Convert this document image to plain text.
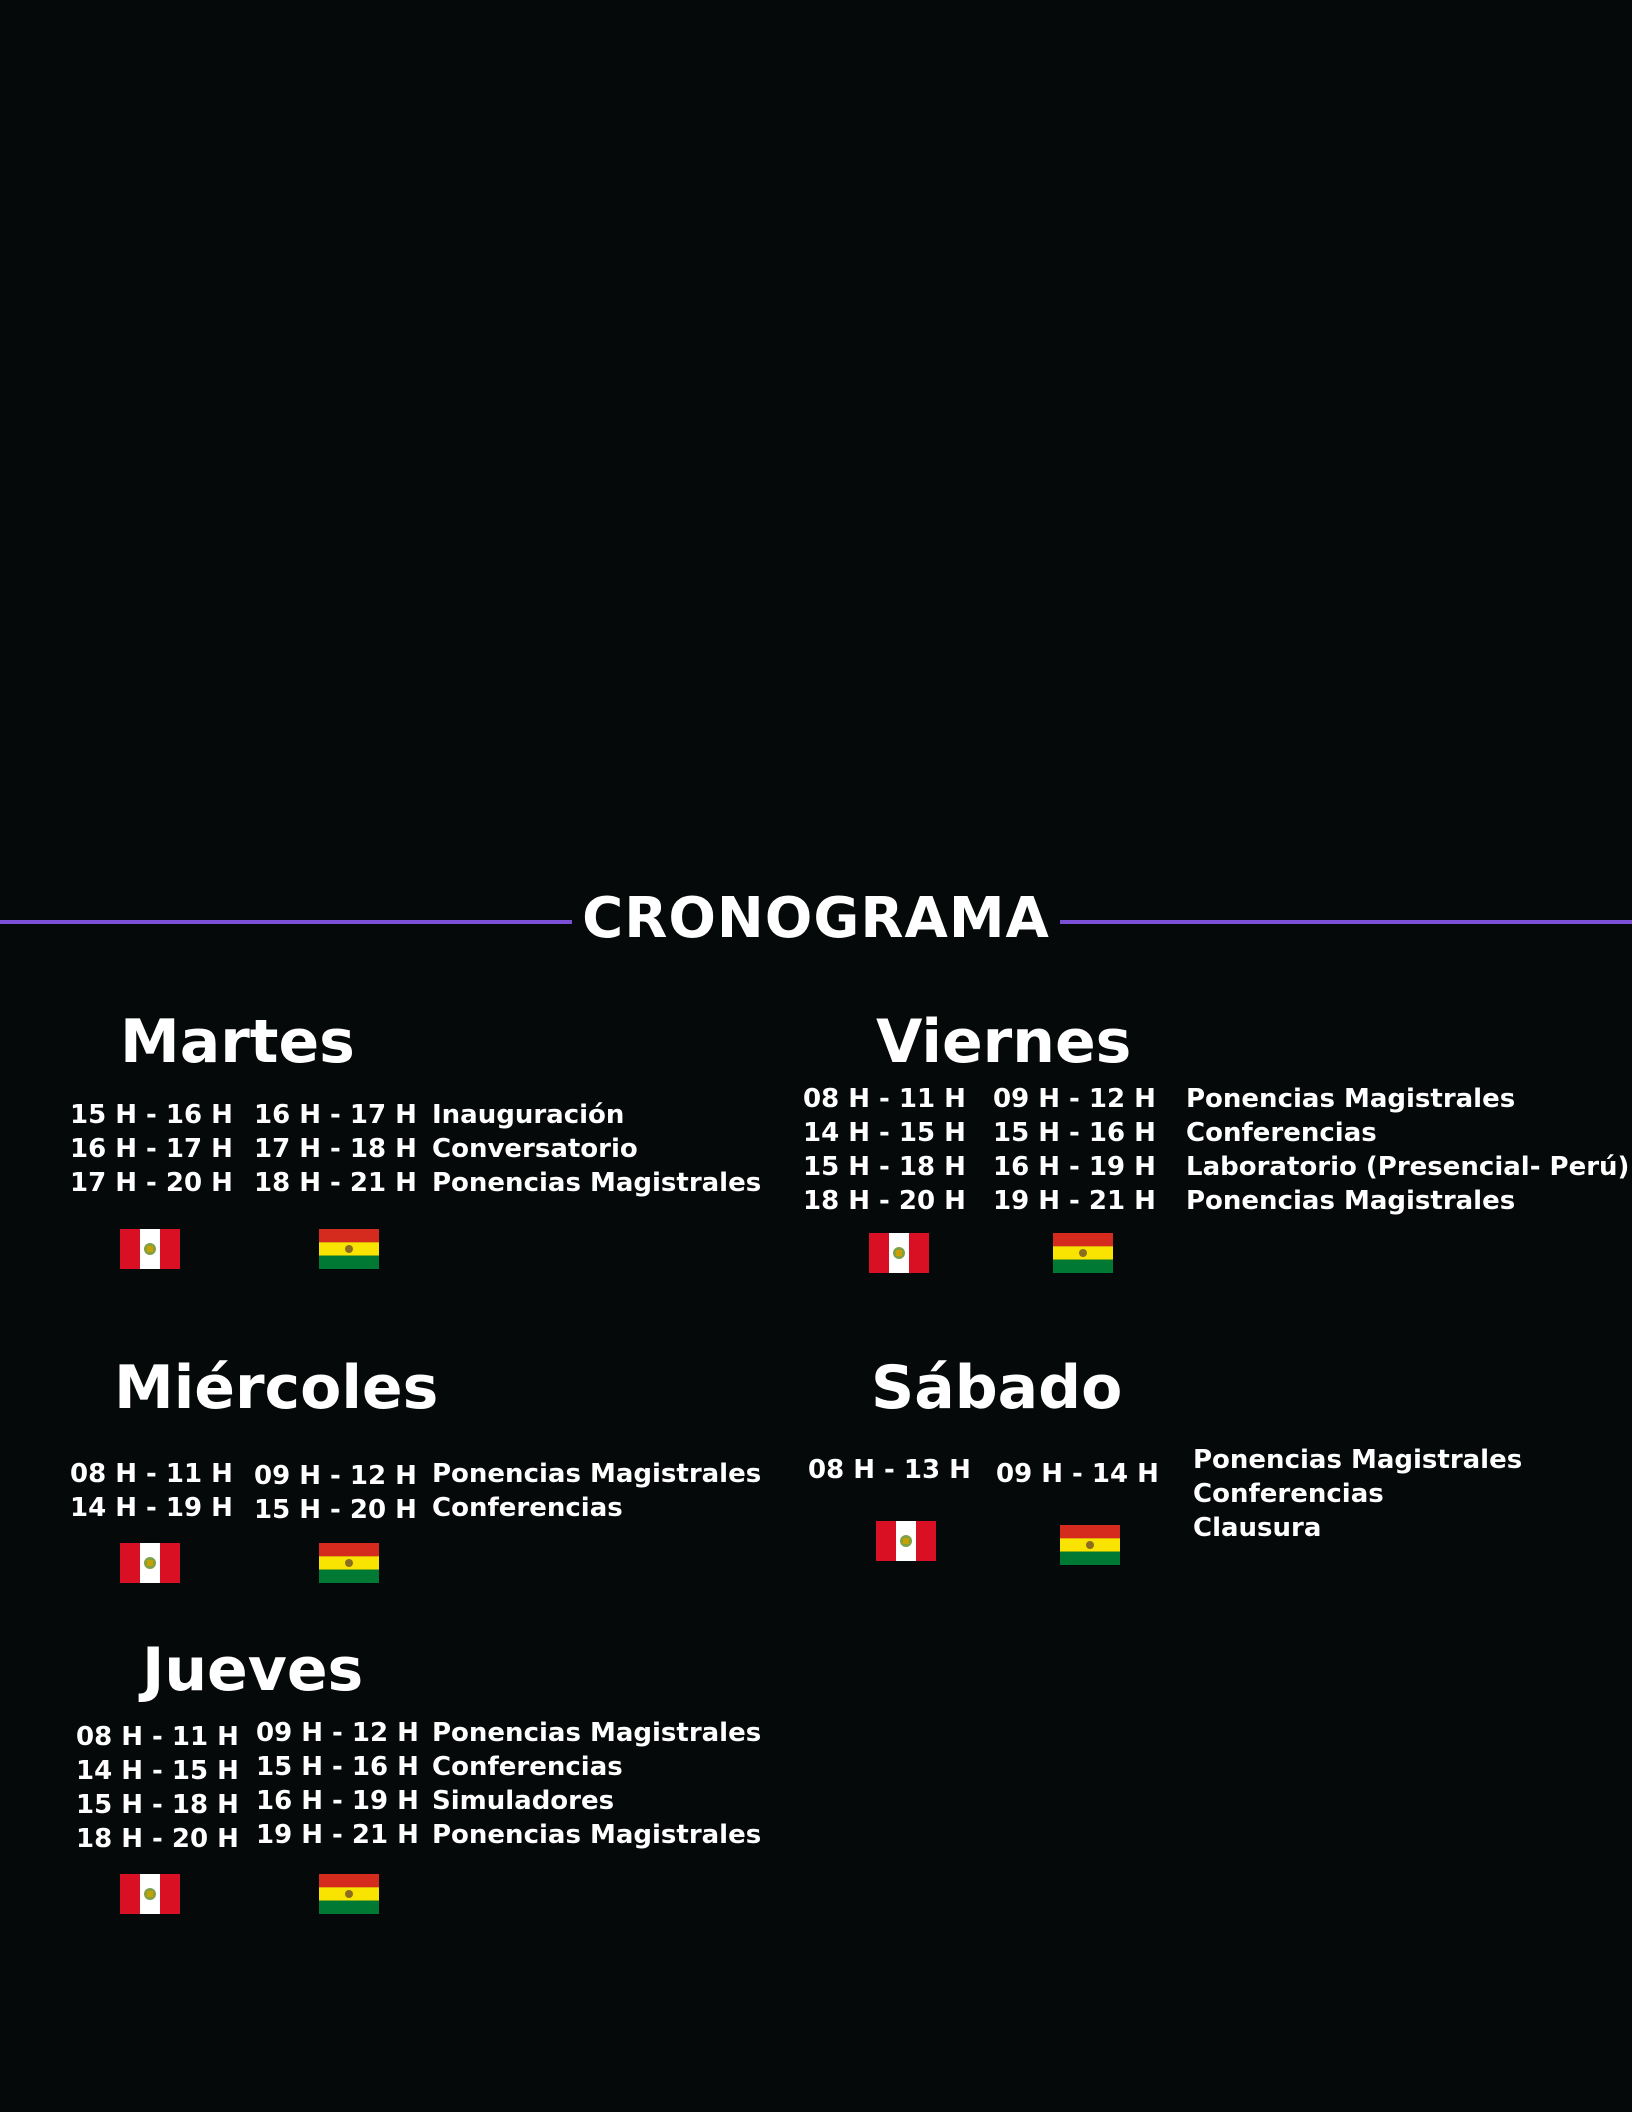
CRONOGRAMA
Martes
15 H - 16 H
16 H - 17 H
17 H - 20 H
16 H - 17 H
17 H - 18 H
18 H - 21 H
Inauguración
Conversatorio
Ponencias Magistrales
Miércoles
08 H - 11 H
14 H - 19 H
09 H - 12 H
15 H - 20 H
Ponencias Magistrales
Conferencias
Jueves
08 H - 11 H
14 H - 15 H
15 H - 18 H
18 H - 20 H
09 H - 12 H
15 H - 16 H
16 H - 19 H
19 H - 21 H
Ponencias Magistrales
Conferencias
Simuladores
Ponencias Magistrales
Viernes
08 H - 11 H
14 H - 15 H
15 H - 18 H
18 H - 20 H
09 H - 12 H
15 H - 16 H
16 H - 19 H
19 H - 21 H
Ponencias Magistrales
Conferencias
Laboratorio (Presencial- Perú)
Ponencias Magistrales
Sábado
08 H - 13 H 09 H - 14 H Ponencias Magistrales
Conferencias
Clausura
